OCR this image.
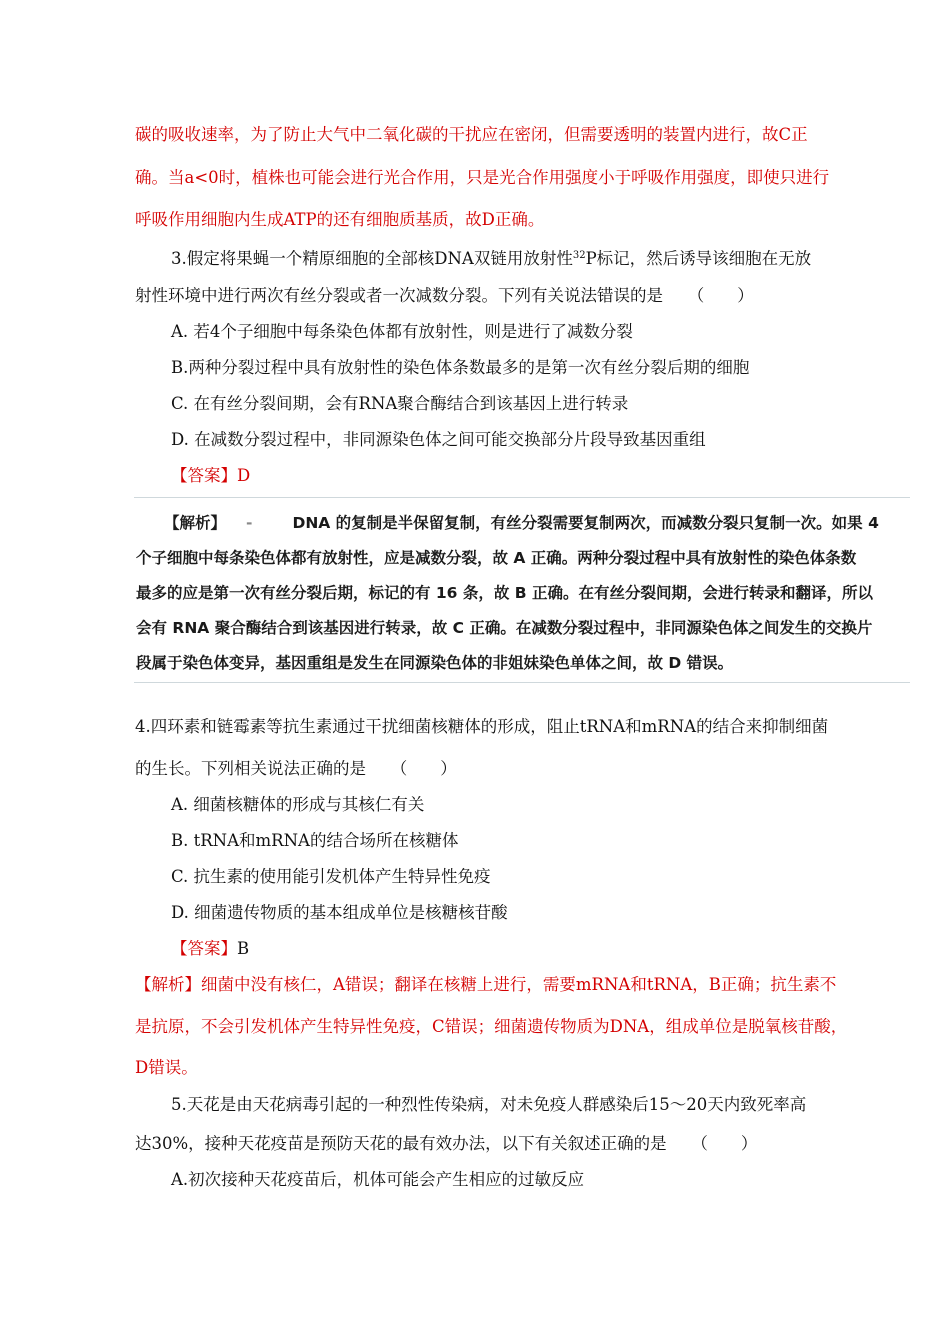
碳的吸收速率，为了防止大气中二氧化碳的干扰应在密闭，但需要透明的装置内进行，故C正
确。当a<0时，植株也可能会进行光合作用，只是光合作用强度小于呼吸作用强度，即使只进行
呼吸作用细胞内生成ATP的还有细胞质基质，故D正确。
3.假定将果蝇一个精原细胞的全部核DNA双链用放射性$^{32}$P标记，然后诱导该细胞在无放
射性环境中进行两次有丝分裂或者一次减数分裂。下列有关说法错误的是　　（　　）
A. 若4个子细胞中每条染色体都有放射性，则是进行了减数分裂
B.两种分裂过程中具有放射性的染色体条数最多的是第一次有丝分裂后期的细胞
C. 在有丝分裂间期，会有RNA聚合酶结合到该基因上进行转录
D. 在减数分裂过程中，非同源染色体之间可能交换部分片段导致基因重组
【答案】D
【解析】 -	DNA 的复制是半保留复制，有丝分裂需要复制两次，而减数分裂只复制一次。如果 4
个子细胞中每条染色体都有放射性，应是减数分裂，故 A 正确。两种分裂过程中具有放射性的染色体条数
最多的应是第一次有丝分裂后期，标记的有 16 条，故 B 正确。在有丝分裂间期，会进行转录和翻译，所以
会有 RNA 聚合酶结合到该基因进行转录，故 C 正确。在减数分裂过程中，非同源染色体之间发生的交换片
段属于染色体变异，基因重组是发生在同源染色体的非姐妹染色单体之间，故 D 错误。
4.四环素和链霉素等抗生素通过干扰细菌核糖体的形成，阻止tRNA和mRNA的结合来抑制细菌
的生长。下列相关说法正确的是　　（　　）
A. 细菌核糖体的形成与其核仁有关
B. tRNA和mRNA的结合场所在核糖体
C. 抗生素的使用能引发机体产生特异性免疫
D. 细菌遗传物质的基本组成单位是核糖核苷酸
【答案】B
【解析】细菌中没有核仁，A错误；翻译在核糖上进行，需要mRNA和tRNA，B正确；抗生素不
是抗原，不会引发机体产生特异性免疫，C错误；细菌遗传物质为DNA，组成单位是脱氧核苷酸，
D错误。
5.天花是由天花病毒引起的一种烈性传染病，对未免疫人群感染后15～20天内致死率高
达30%，接种天花疫苗是预防天花的最有效办法，以下有关叙述正确的是　　（　　）
A.初次接种天花疫苗后，机体可能会产生相应的过敏反应
